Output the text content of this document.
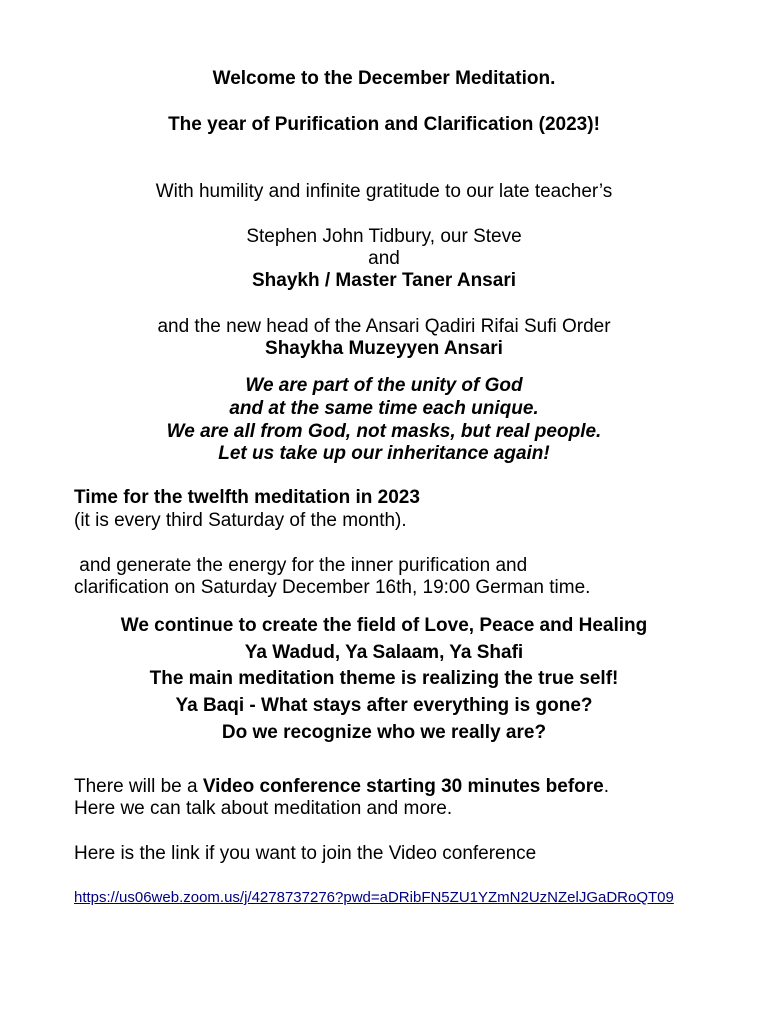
Welcome to the December Meditation.
The year of Purification and Clarification (2023)!
With humility and infinite gratitude to our late teacher’s
Stephen John Tidbury, our Steve
and
Shaykh / Master Taner Ansari
and the new head of the Ansari Qadiri Rifai Sufi Order
Shaykha Muzeyyen Ansari
We are part of the unity of God
and at the same time each unique.
We are all from God, not masks, but real people.
Let us take up our inheritance again!
Time for the twelfth meditation in 2023
(it is every third Saturday of the month).
and generate the energy for the inner purification and
clarification on Saturday December 16th, 19:00 German time.
We continue to create the field of Love, Peace and Healing
Ya Wadud, Ya Salaam, Ya Shafi
The main meditation theme is realizing the true self!
Ya Baqi - What stays after everything is gone?
Do we recognize who we really are?
There will be a Video conference starting 30 minutes before.
Here we can talk about meditation and more.
Here is the link if you want to join the Video conference
https://us06web.zoom.us/j/4278737276?pwd=aDRibFN5ZU1YZmN2UzNZelJGaDRoQT09
